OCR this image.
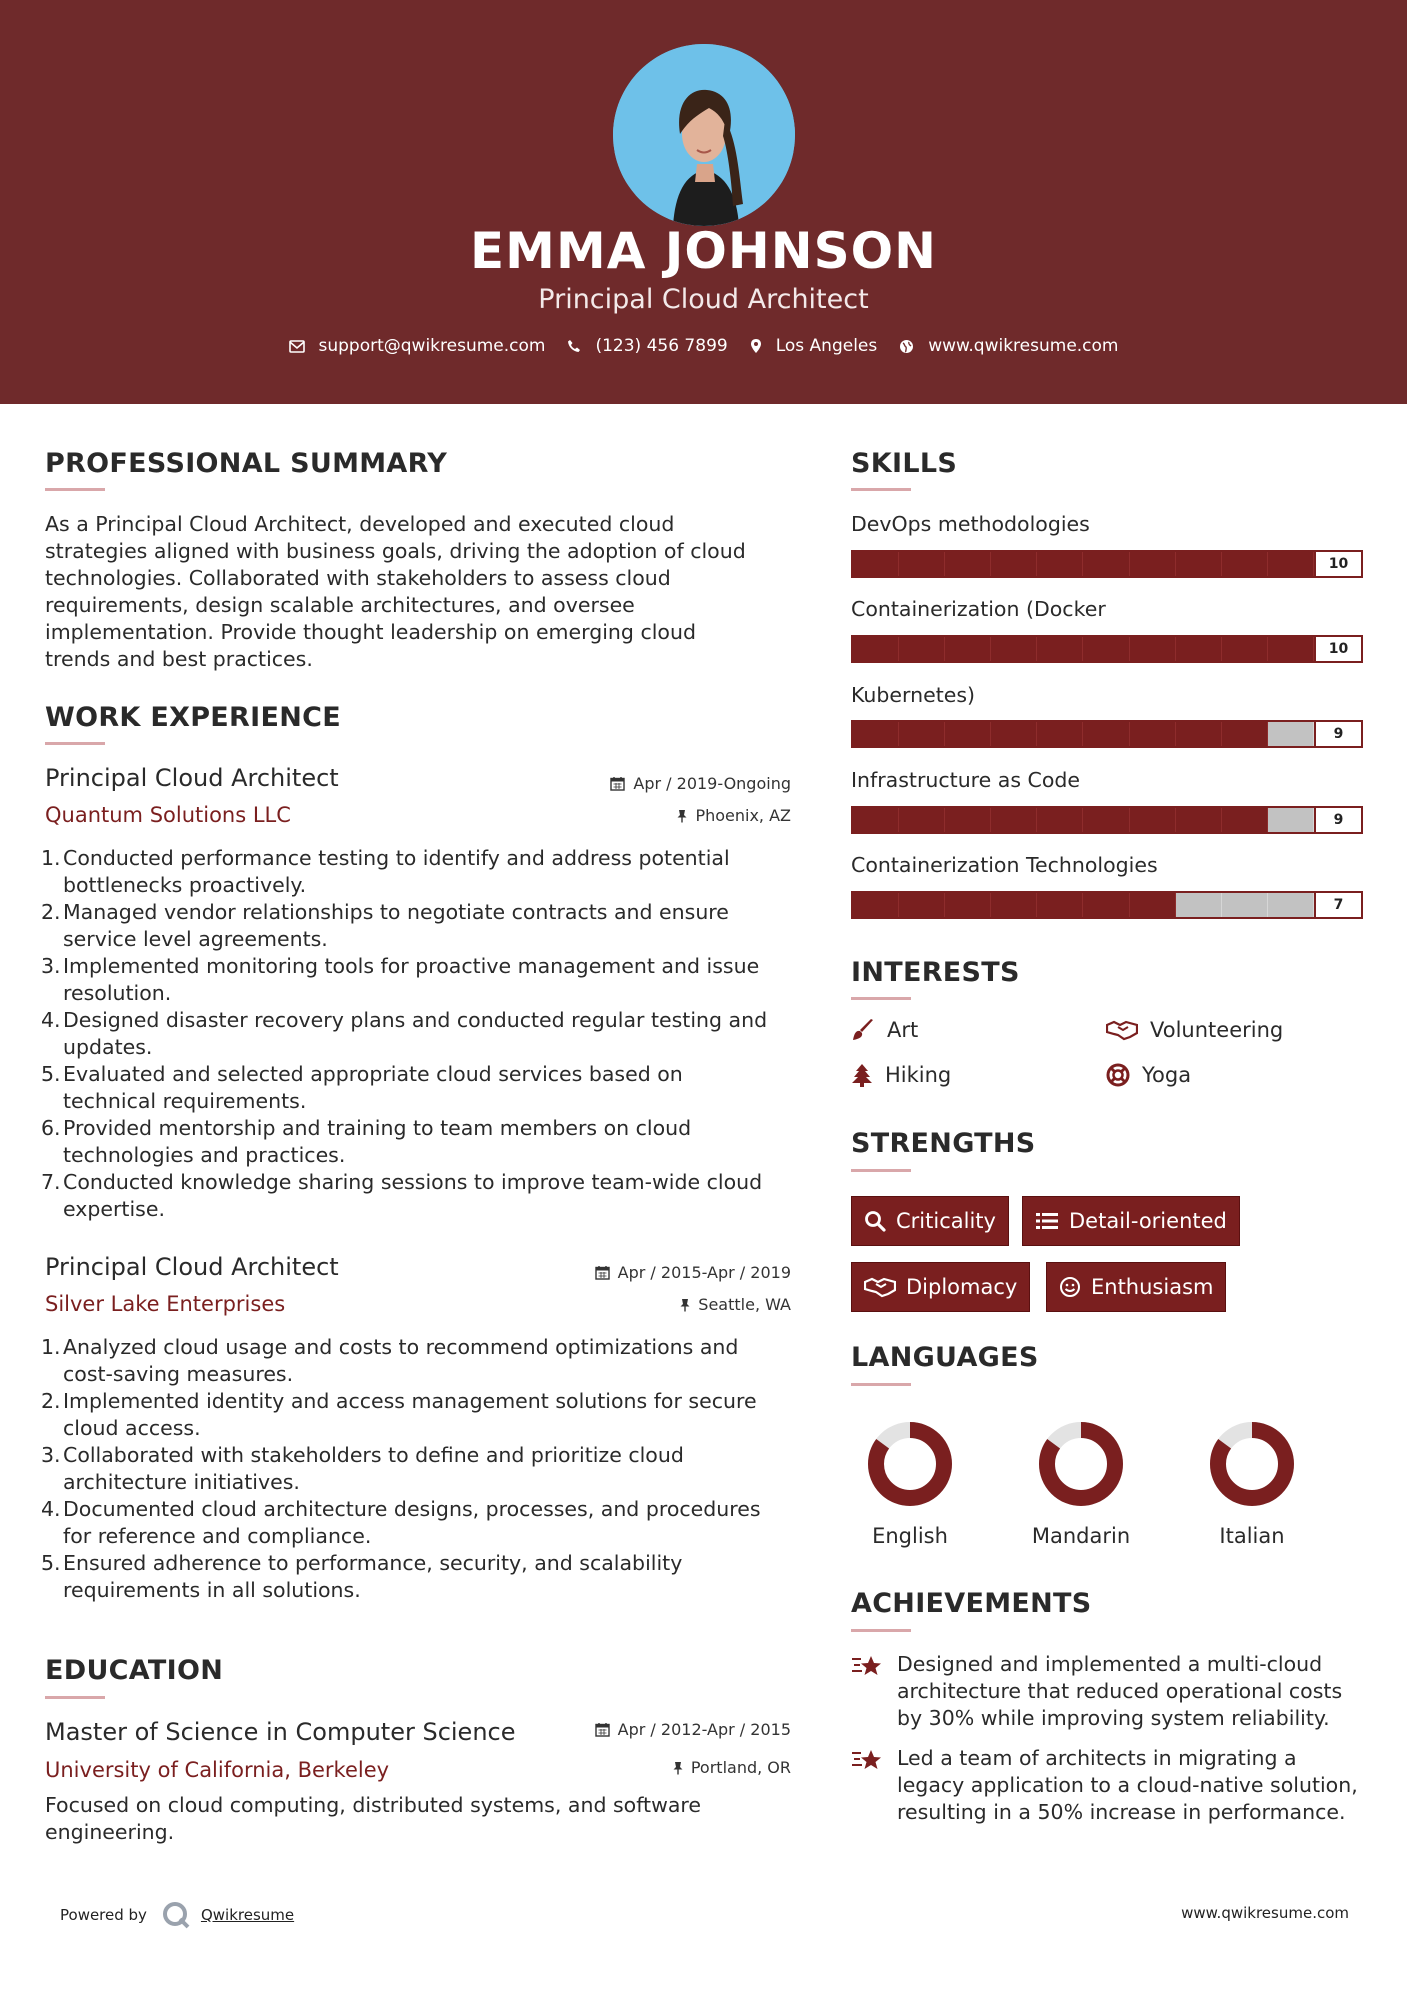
EMMA JOHNSON
Principal Cloud Architect
support@qwikresume.com	(123) 456 7899	Los Angeles	www.qwikresume.com
PROFESSIONAL SUMMARY
As a Principal Cloud Architect, developed and executed cloud
strategies aligned with business goals, driving the adoption of cloud
technologies. Collaborated with stakeholders to assess cloud
requirements, design scalable architectures, and oversee
implementation. Provide thought leadership on emerging cloud
trends and best practices.
WORK EXPERIENCE
Principal Cloud Architect
Quantum Solutions LLC
Apr / 2019-Ongoing
Phoenix, AZ
1. Conducted performance testing to identify and address potential
bottlenecks proactively.
2. Managed vendor relationships to negotiate contracts and ensure
service level agreements.
3. Implemented monitoring tools for proactive management and issue
resolution.
4. Designed disaster recovery plans and conducted regular testing and
updates.
5. Evaluated and selected appropriate cloud services based on
technical requirements.
6. Provided mentorship and training to team members on cloud
technologies and practices.
7. Conducted knowledge sharing sessions to improve team-wide cloud
expertise.
Principal Cloud Architect
Silver Lake Enterprises
Apr / 2015-Apr / 2019
Seattle, WA
1. Analyzed cloud usage and costs to recommend optimizations and
cost-saving measures.
2. Implemented identity and access management solutions for secure
cloud access.
3. Collaborated with stakeholders to define and prioritize cloud
architecture initiatives.
4. Documented cloud architecture designs, processes, and procedures
for reference and compliance.
5. Ensured adherence to performance, security, and scalability
requirements in all solutions.
EDUCATION
Master of Science in Computer Science
University of California, Berkeley
Apr / 2012-Apr / 2015
Portland, OR
Focused on cloud computing, distributed systems, and software
engineering.
SKILLS
DevOps methodologies
10
Containerization (Docker
10
Kubernetes)
9
Infrastructure as Code
9
Containerization Technologies
7
INTERESTS
Art	Volunteering
Hiking	Yoga
STRENGTHS
Criticality	Detail-oriented
Diplomacy	Enthusiasm
LANGUAGES
English	Mandarin	Italian
ACHIEVEMENTS
Designed and implemented a multi-cloud
architecture that reduced operational costs
by 30% while improving system reliability.
Led a team of architects in migrating a
legacy application to a cloud-native solution,
resulting in a 50% increase in performance.
Powered by	Qwikresume	www.qwikresume.com
